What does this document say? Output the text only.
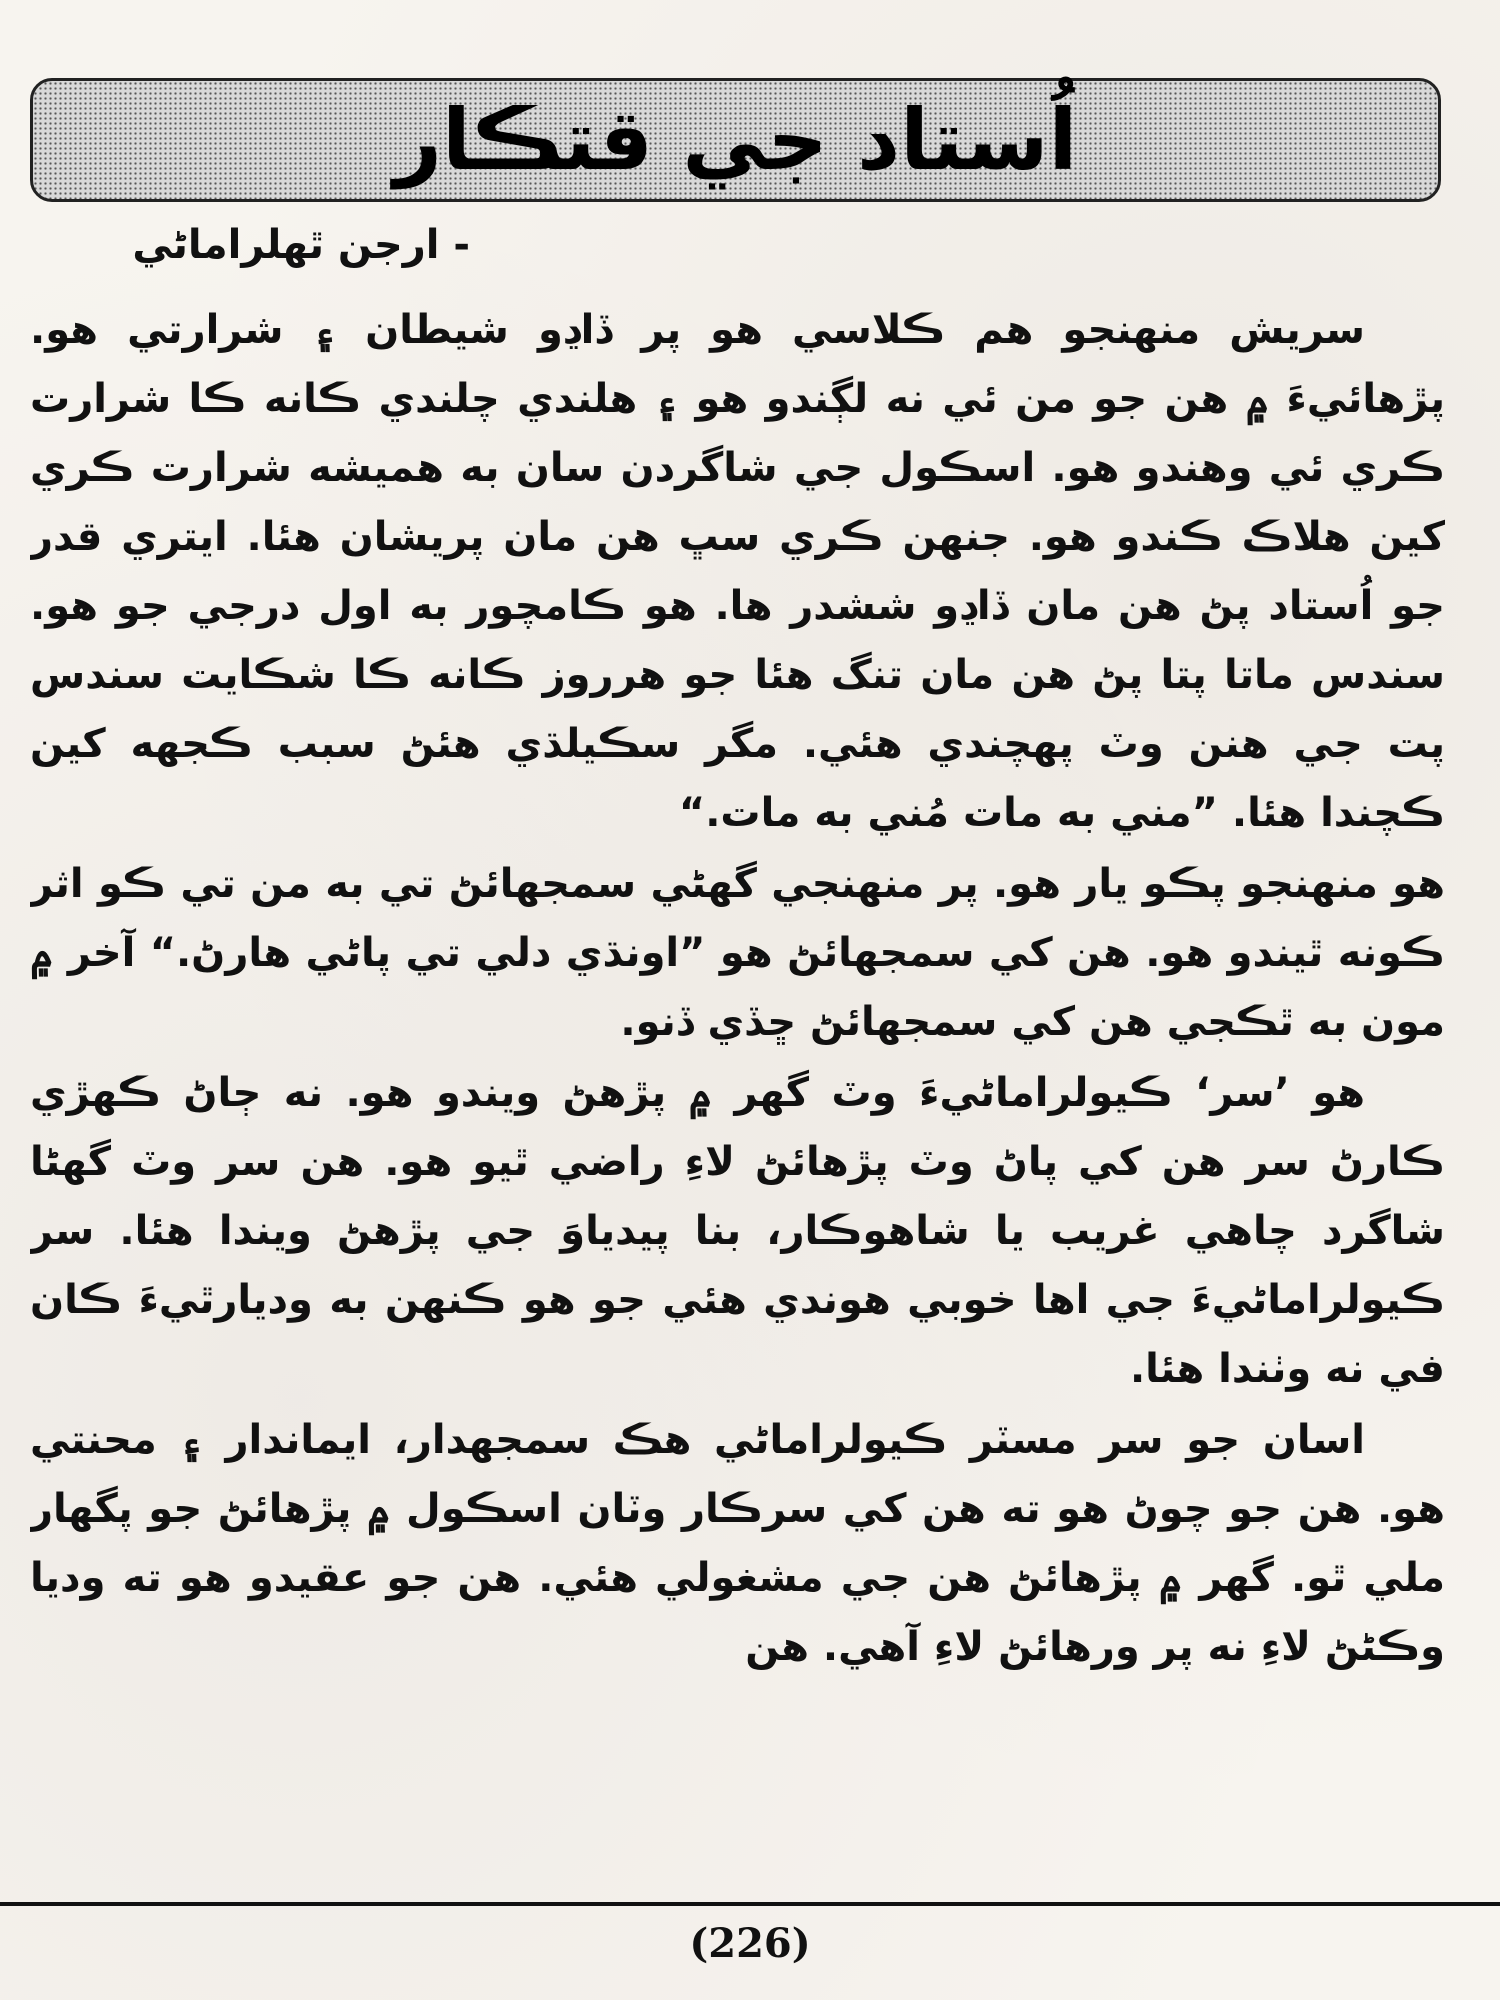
اُستاد جي قتڪار
- ارجن ٿهلراماڻي

سريش منهنجو هم ڪلاسي هو پر ڏاڍو شيطان ۽ شرارتي هو. پڙهائيءَ ۾ هن جو من ئي نه لڳندو هو ۽ هلندي چلندي ڪانه ڪا شرارت ڪري ئي وهندو هو. اسڪول جي شاگردن سان به هميشه شرارت ڪري کين هلاڪ ڪندو هو. جنهن ڪري سڀ هن مان پريشان هئا. ايتري قدر جو اُستاد پڻ هن مان ڏاڍو ششدر ها. هو ڪامچور به اول درجي جو هو. سندس ماتا پتا پڻ هن مان تنگ هئا جو هرروز ڪانه ڪا شڪايت سندس پت جي هنن وٽ پهچندي هئي. مگر سڪيلڌي هئڻ سبب ڪجهه کين ڪچندا هئا. ”مني به مات مُني به مات.“

هو منهنجو پڪو يار هو. پر منهنجي گهڻي سمجهائڻ تي به من تي ڪو اثر ڪونه ٿيندو هو. هن کي سمجهائڻ هو ”اونڌي دلي تي پاڻي هارڻ.“ آخر ۾ مون به ٿڪجي هن کي سمجهائڻ ڇڏي ڏنو.

هو ’سر‘ ڪيولراماڻيءَ وٽ گهر ۾ پڙهڻ ويندو هو. نه ڄاڻ ڪهڙي ڪارڻ سر هن کي پاڻ وٽ پڙهائڻ لاءِ راضي ٿيو هو. هن سر وٽ گهڻا شاگرد چاهي غريب يا شاهوڪار، بنا پيدياوَ جي پڙهڻ ويندا هئا. سر ڪيولراماڻيءَ جي اها خوبي هوندي هئي جو هو ڪنهن به وديارٿيءَ ڪان في نه وٺندا هئا.

اسان جو سر مسٽر ڪيولراماڻي هڪ سمجهدار، ايماندار ۽ محنتي هو. هن جو چوڻ هو ته هن کي سرڪار وٽان اسڪول ۾ پڙهائڻ جو پگهار ملي ٿو. گهر ۾ پڙهائڻ هن جي مشغولي هئي. هن جو عقيدو هو ته وديا وڪڻڻ لاءِ نه پر ورهائڻ لاءِ آهي. هن

(226)
